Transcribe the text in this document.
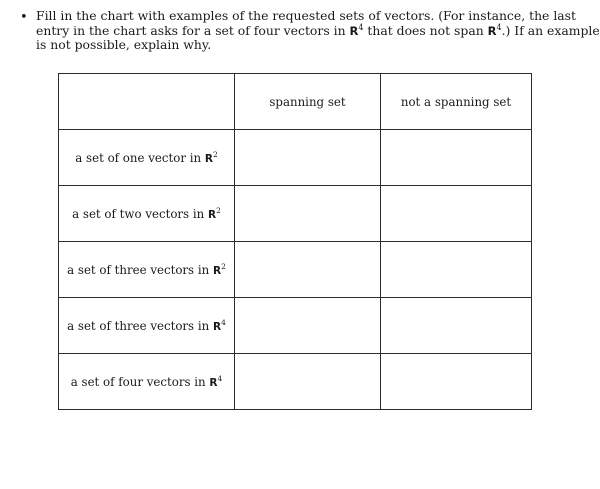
• Fill in the chart with examples of the requested sets of vectors. (For instance, the last
entry in the chart asks for a set of four vectors in $R^4$ that does not span $R^4$.) If an example
is not possible, explain why.
	spanning set	not a spanning set
a set of one vector in $R^2$		
a set of two vectors in $R^2$		
a set of three vectors in $R^2$		
a set of three vectors in $R^4$		
a set of four vectors in $R^4$		
